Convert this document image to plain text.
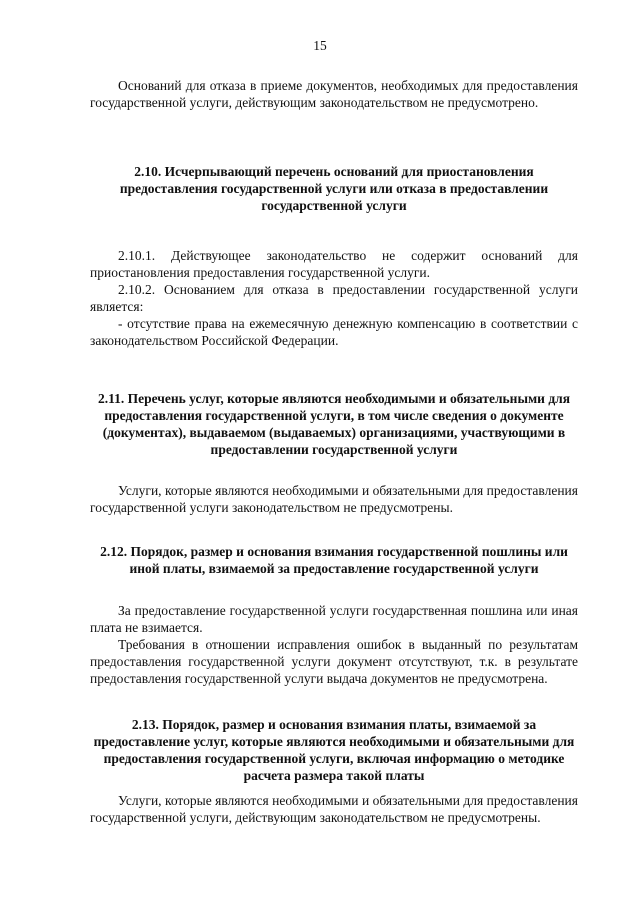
15
Оснований для отказа в приеме документов, необходимых для предоставления государственной услуги, действующим законодательством не предусмотрено.
2.10. Исчерпывающий перечень оснований для приостановления предоставления государственной услуги или отказа в предоставлении государственной услуги

2.10.1. Действующее законодательство не содержит оснований для приостановления предоставления государственной услуги.

2.10.2. Основанием для отказа в предоставлении государственной услуги является:

- отсутствие права на ежемесячную денежную компенсацию в соответствии с законодательством Российской Федерации.

2.11. Перечень услуг, которые являются необходимыми и обязательными для предоставления государственной услуги, в том числе сведения о документе (документах), выдаваемом (выдаваемых) организациями, участвующими в предоставлении государственной услуги

Услуги, которые являются необходимыми и обязательными для предоставления государственной услуги законодательством не предусмотрены.

2.12. Порядок, размер и основания взимания государственной пошлины или иной платы, взимаемой за предоставление государственной услуги

За предоставление государственной услуги государственная пошлина или иная плата не взимается.

Требования в отношении исправления ошибок в выданный по результатам предоставления государственной услуги документ отсутствуют, т.к. в результате предоставления государственной услуги выдача документов не предусмотрена.

2.13. Порядок, размер и основания взимания платы, взимаемой за предоставление услуг, которые являются необходимыми и обязательными для предоставления государственной услуги, включая информацию о методике расчета размера такой платы

Услуги, которые являются необходимыми и обязательными для предоставления государственной услуги, действующим законодательством не предусмотрены.
